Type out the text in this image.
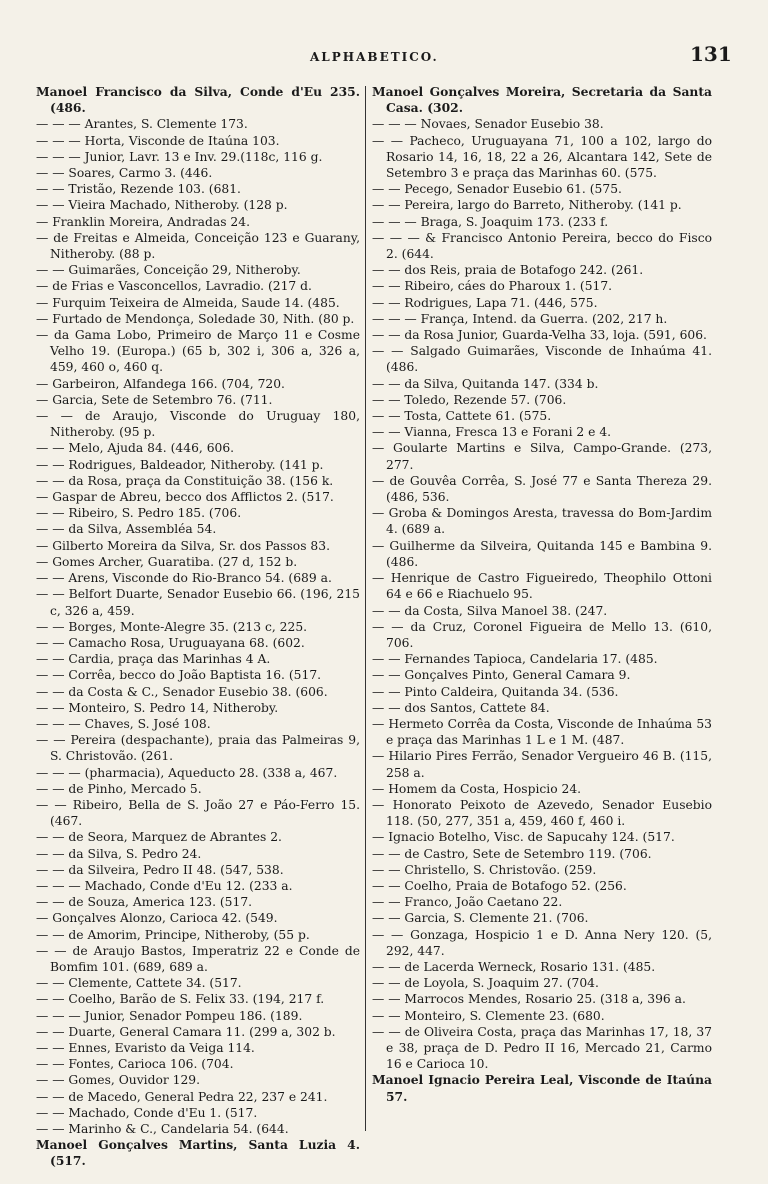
ALPHABETICO.	131
Manoel Francisco da Silva, Conde d'Eu 235. (486.
— — — Arantes, S. Clemente 173.
— — — Horta, Visconde de Itaúna 103.
— — — Junior, Lavr. 13 e Inv. 29.(118c, 116 g.
— — Soares, Carmo 3. (446.
— — Tristão, Rezende 103. (681.
— — Vieira Machado, Nitheroby. (128 p.
— Franklin Moreira, Andradas 24.
— de Freitas e Almeida, Conceição 123 e Guarany, Nitheroby. (88 p.
— — Guimarães, Conceição 29, Nitheroby.
— de Frias e Vasconcellos, Lavradio. (217 d.
— Furquim Teixeira de Almeida, Saude 14. (485.
— Furtado de Mendonça, Soledade 30, Nith. (80 p.
— da Gama Lobo, Primeiro de Março 11 e Cosme Velho 19. (Europa.) (65 b, 302 i, 306 a, 326 a, 459, 460 o, 460 q.
— Garbeiron, Alfandega 166. (704, 720.
— Garcia, Sete de Setembro 76. (711.
— — de Araujo, Visconde do Uruguay 180, Nitheroby. (95 p.
— — Melo, Ajuda 84. (446, 606.
— — Rodrigues, Baldeador, Nitheroby. (141 p.
— — da Rosa, praça da Constituição 38. (156 k.
— Gaspar de Abreu, becco dos Afflictos 2. (517.
— — Ribeiro, S. Pedro 185. (706.
— — da Silva, Assembléa 54.
— Gilberto Moreira da Silva, Sr. dos Passos 83.
— Gomes Archer, Guaratiba. (27 d, 152 b.
— — Arens, Visconde do Rio-Branco 54. (689 a.
— — Belfort Duarte, Senador Eusebio 66. (196, 215 c, 326 a, 459.
— — Borges, Monte-Alegre 35. (213 c, 225.
— — Camacho Rosa, Uruguayana 68. (602.
— — Cardia, praça das Marinhas 4 A.
— — Corrêa, becco do João Baptista 16. (517.
— — da Costa & C., Senador Eusebio 38. (606.
— — Monteiro, S. Pedro 14, Nitheroby.
— — — Chaves, S. José 108.
— — Pereira (despachante), praia das Palmeiras 9, S. Christovão. (261.
— — — (pharmacia), Aqueducto 28. (338 a, 467.
— — de Pinho, Mercado 5.
— — Ribeiro, Bella de S. João 27 e Páo-Ferro 15. (467.
— — de Seora, Marquez de Abrantes 2.
— — da Silva, S. Pedro 24.
— — da Silveira, Pedro II 48. (547, 538.
— — — Machado, Conde d'Eu 12. (233 a.
— — de Souza, America 123. (517.
— Gonçalves Alonzo, Carioca 42. (549.
— — de Amorim, Principe, Nitheroby, (55 p.
— — de Araujo Bastos, Imperatriz 22 e Conde de Bomfim 101. (689, 689 a.
— — Clemente, Cattete 34. (517.
— — Coelho, Barão de S. Felix 33. (194, 217 f.
— — — Junior, Senador Pompeu 186. (189.
— — Duarte, General Camara 11. (299 a, 302 b.
— — Ennes, Evaristo da Veiga 114.
— — Fontes, Carioca 106. (704.
— — Gomes, Ouvidor 129.
— — de Macedo, General Pedra 22, 237 e 241.
— — Machado, Conde d'Eu 1. (517.
— — Marinho & C., Candelaria 54. (644.
Manoel Gonçalves Martins, Santa Luzia 4. (517.
Manoel Gonçalves Moreira, Secretaria da Santa Casa. (302.
— — — Novaes, Senador Eusebio 38.
— — Pacheco, Uruguayana 71, 100 a 102, largo do Rosario 14, 16, 18, 22 a 26, Alcantara 142, Sete de Setembro 3 e praça das Marinhas 60. (575.
— — Pecego, Senador Eusebio 61. (575.
— — Pereira, largo do Barreto, Nitheroby. (141 p.
— — — Braga, S. Joaquim 173. (233 f.
— — — & Francisco Antonio Pereira, becco do Fisco 2. (644.
— — dos Reis, praia de Botafogo 242. (261.
— — Ribeiro, cáes do Pharoux 1. (517.
— — Rodrigues, Lapa 71. (446, 575.
— — — França, Intend. da Guerra. (202, 217 h.
— — da Rosa Junior, Guarda-Velha 33, loja. (591, 606.
— — Salgado Guimarães, Visconde de Inhaúma 41. (486.
— — da Silva, Quitanda 147. (334 b.
— — Toledo, Rezende 57. (706.
— — Tosta, Cattete 61. (575.
— — Vianna, Fresca 13 e Forani 2 e 4.
— Goularte Martins e Silva, Campo-Grande. (273, 277.
— de Gouvêa Corrêa, S. José 77 e Santa Thereza 29. (486, 536.
— Groba & Domingos Aresta, travessa do Bom-Jardim 4. (689 a.
— Guilherme da Silveira, Quitanda 145 e Bambina 9. (486.
— Henrique de Castro Figueiredo, Theophilo Ottoni 64 e 66 e Riachuelo 95.
— — da Costa, Silva Manoel 38. (247.
— — da Cruz, Coronel Figueira de Mello 13. (610, 706.
— — Fernandes Tapioca, Candelaria 17. (485.
— — Gonçalves Pinto, General Camara 9.
— — Pinto Caldeira, Quitanda 34. (536.
— — dos Santos, Cattete 84.
— Hermeto Corrêa da Costa, Visconde de Inhaúma 53 e praça das Marinhas 1 L e 1 M. (487.
— Hilario Pires Ferrão, Senador Vergueiro 46 B. (115, 258 a.
— Homem da Costa, Hospicio 24.
— Honorato Peixoto de Azevedo, Senador Eusebio 118. (50, 277, 351 a, 459, 460 f, 460 i.
— Ignacio Botelho, Visc. de Sapucahy 124. (517.
— — de Castro, Sete de Setembro 119. (706.
— — Christello, S. Christovão. (259.
— — Coelho, Praia de Botafogo 52. (256.
— — Franco, João Caetano 22.
— — Garcia, S. Clemente 21. (706.
— — Gonzaga, Hospicio 1 e D. Anna Nery 120. (5, 292, 447.
— — de Lacerda Werneck, Rosario 131. (485.
— — de Loyola, S. Joaquim 27. (704.
— — Marrocos Mendes, Rosario 25. (318 a, 396 a.
— — Monteiro, S. Clemente 23. (680.
— — de Oliveira Costa, praça das Marinhas 17, 18, 37 e 38, praça de D. Pedro II 16, Mercado 21, Carmo 16 e Carioca 10.
Manoel Ignacio Pereira Leal, Visconde de Itaúna 57.
